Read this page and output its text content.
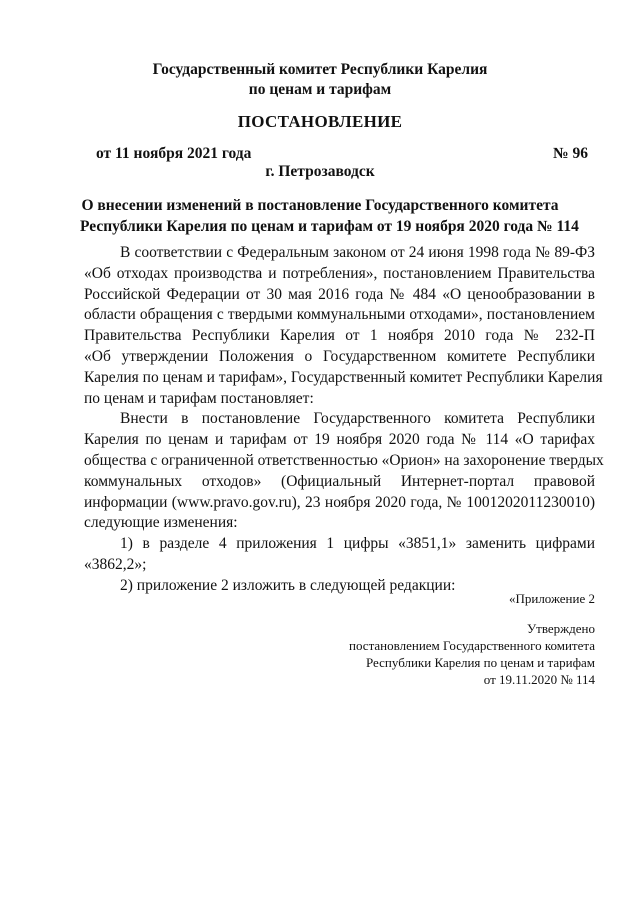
Государственный комитет Республики Карелия
по ценам и тарифам
ПОСТАНОВЛЕНИЕ
от 11 ноября 2021 года	№ 96
г. Петрозаводск
О внесении изменений в постановление Государственного комитета
Республики Карелия по ценам и тарифам от 19 ноября 2020 года № 114
В соответствии с Федеральным законом от 24 июня 1998 года № 89-ФЗ
«Об отходах производства и потребления», постановлением Правительства
Российской Федерации от 30 мая 2016 года № 484 «О ценообразовании в
области обращения с твердыми коммунальными отходами», постановлением
Правительства Республики Карелия от 1 ноября 2010 года № 232-П
«Об утверждении Положения о Государственном комитете Республики
Карелия по ценам и тарифам», Государственный комитет Республики Карелия
по ценам и тарифам постановляет:
Внести в постановление Государственного комитета Республики
Карелия по ценам и тарифам от 19 ноября 2020 года № 114 «О тарифах
общества с ограниченной ответственностью «Орион» на захоронение твердых
коммунальных отходов» (Официальный Интернет-портал правовой
информации (www.pravo.gov.ru), 23 ноября 2020 года, № 1001202011230010)
следующие изменения:
1) в разделе 4 приложения 1 цифры «3851,1» заменить цифрами
«3862,2»;
2) приложение 2 изложить в следующей редакции:
«Приложение 2
Утверждено
постановлением Государственного комитета
Республики Карелия по ценам и тарифам
от 19.11.2020 № 114
